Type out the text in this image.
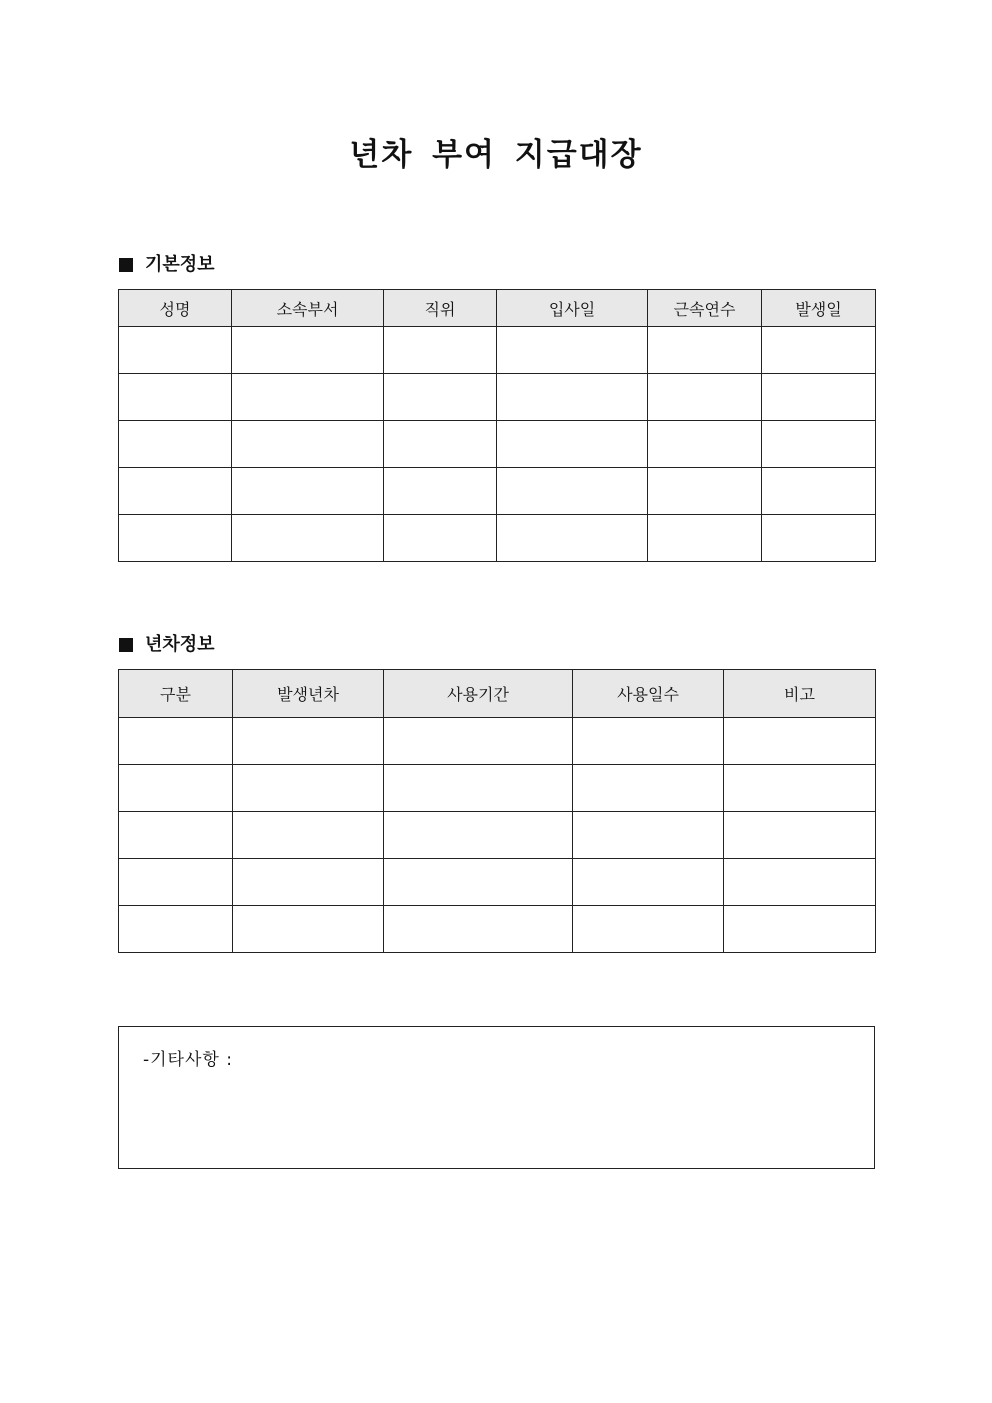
년차 부여 지급대장
기본정보
성명	소속부서	직위	입사일	근속연수	발생일

년차정보
구분	발생년차	사용기간	사용일수	비고

-기타사항 :
